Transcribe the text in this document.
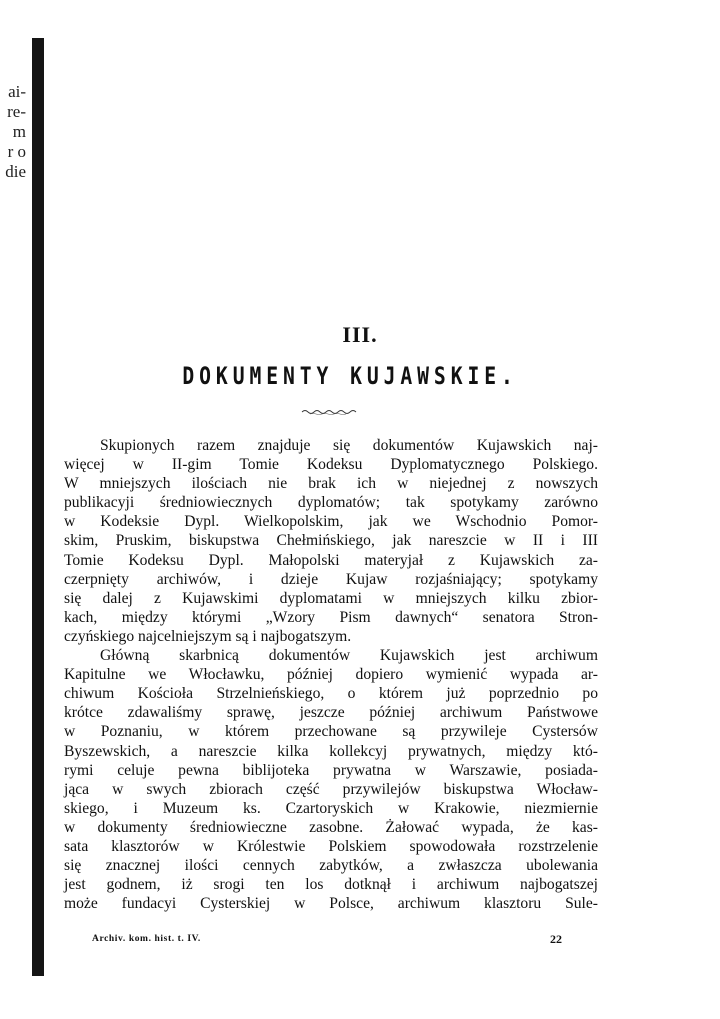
ai-
re-
m
r o
die
III.
DOKUMENTY KUJAWSKIE.
Skupionych razem znajduje się dokumentów Kujawskich naj-
więcej w II-gim Tomie Kodeksu Dyplomatycznego Polskiego.
W mniejszych ilościach nie brak ich w niejednej z nowszych
publikacyji średniowiecznych dyplomatów; tak spotykamy zarówno
w Kodeksie Dypl. Wielkopolskim, jak we Wschodnio Pomor-
skim, Pruskim, biskupstwa Chełmińskiego, jak nareszcie w II i III
Tomie Kodeksu Dypl. Małopolski materyjał z Kujawskich za-
czerpnięty archiwów, i dzieje Kujaw rozjaśniający; spotykamy
się dalej z Kujawskimi dyplomatami w mniejszych kilku zbior-
kach, między którymi „Wzory Pism dawnych“ senatora Stron-
czyńskiego najcelniejszym są i najbogatszym.
Główną skarbnicą dokumentów Kujawskich jest archiwum
Kapitulne we Włocławku, później dopiero wymienić wypada ar-
chiwum Kościoła Strzelnieńskiego, o którem już poprzednio po
krótce zdawaliśmy sprawę, jeszcze później archiwum Państwowe
w Poznaniu, w którem przechowane są przywileje Cystersów
Byszewskich, a nareszcie kilka kollekcyj prywatnych, między któ-
rymi celuje pewna biblijoteka prywatna w Warszawie, posiada-
jąca w swych zbiorach część przywilejów biskupstwa Włocław-
skiego, i Muzeum ks. Czartoryskich w Krakowie, niezmiernie
w dokumenty średniowieczne zasobne. Żałować wypada, że kas-
sata klasztorów w Królestwie Polskiem spowodowała rozstrzelenie
się znacznej ilości cennych zabytków, a zwłaszcza ubolewania
jest godnem, iż srogi ten los dotknął i archiwum najbogatszej
może fundacyi Cysterskiej w Polsce, archiwum klasztoru Sule-
Archiv. kom. hist. t. IV.	22
